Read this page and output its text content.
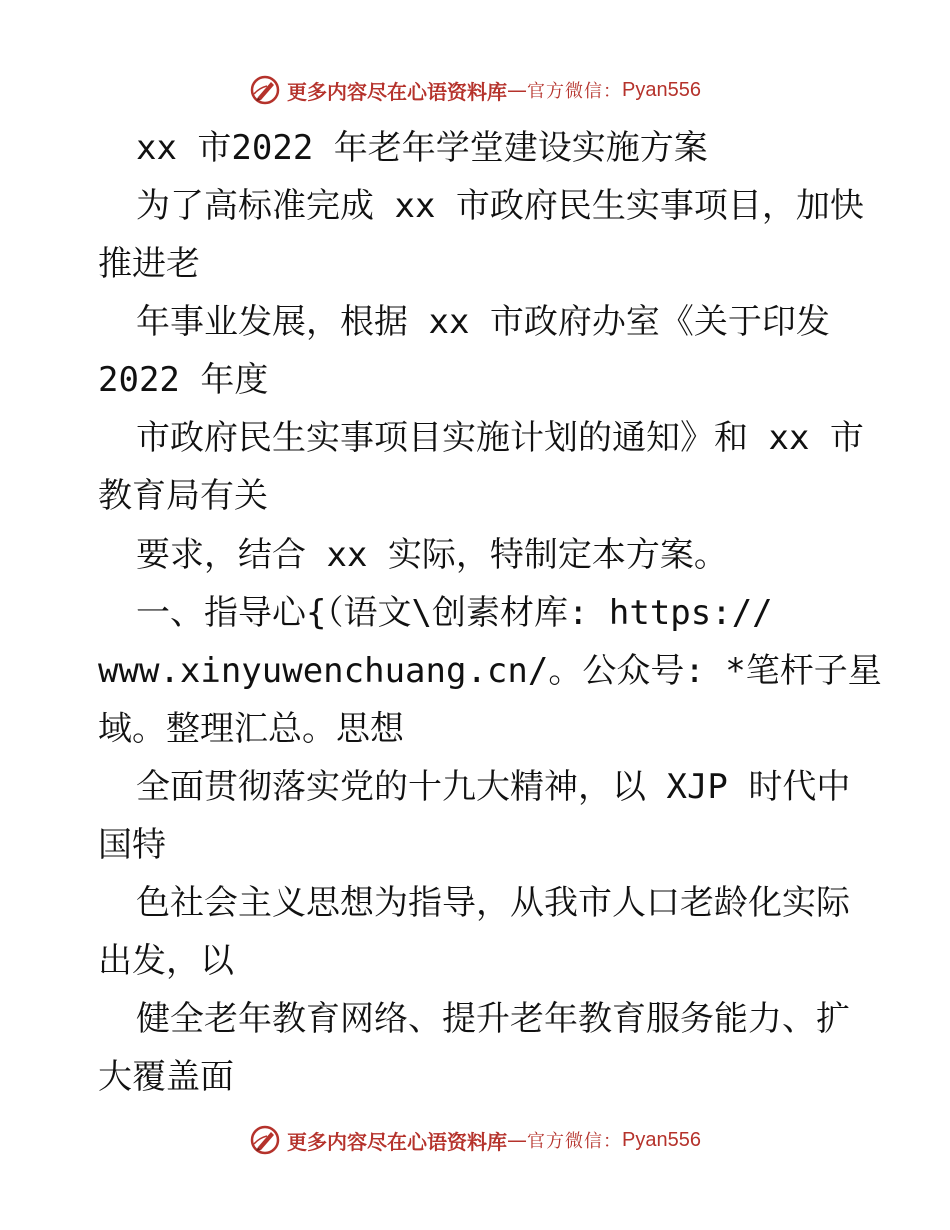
更多内容尽在心语资料库 — 官方微信： Pyan556
xx 市2022 年老年学堂建设实施方案
为了高标准完成 xx 市政府民生实事项目，加快
推进老
年事业发展，根据 xx 市政府办室《关于印发
2022 年度
市政府民生实事项目实施计划的通知》和 xx 市
教育局有关
要求，结合 xx 实际，特制定本方案。
一、指导心{（语文\创素材库: https://
www.xinyuwenchuang.cn/。公众号: *笔杆子星
域。整理汇总。思想
全面贯彻落实党的十九大精神，以 XJP 时代中
国特
色社会主义思想为指导，从我市人口老龄化实际
出发，以
健全老年教育网络、提升老年教育服务能力、扩
大覆盖面
更多内容尽在心语资料库 — 官方微信： Pyan556
